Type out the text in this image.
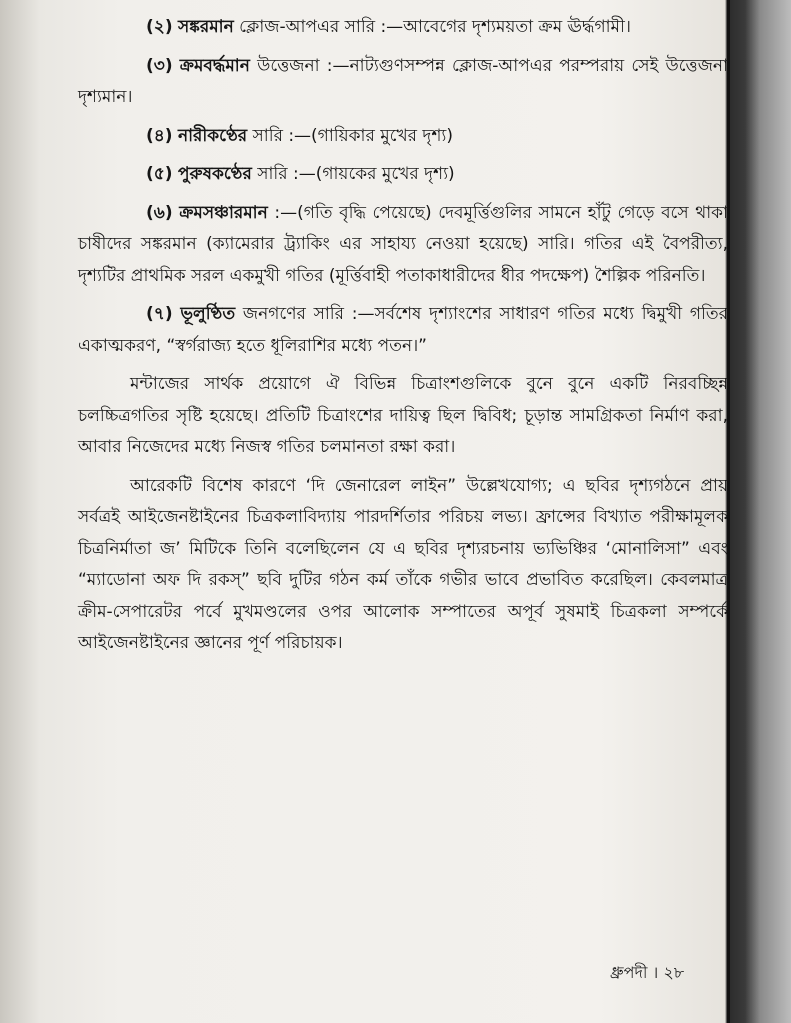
(২) সঙ্করমান ক্লোজ-আপএর সারি :—আবেগের দৃশ্যময়তা ক্রম ঊর্দ্ধগামী।

(৩) ক্রমবর্দ্ধমান উত্তেজনা :—নাট্যগুণসম্পন্ন ক্লোজ-আপএর পরম্পরায় সেই উত্তেজনা দৃশ্যমান।

(৪) নারীকণ্ঠের সারি :—(গায়িকার মুখের দৃশ্য)

(৫) পুরুষকণ্ঠের সারি :—(গায়কের মুখের দৃশ্য)

(৬) ক্রমসঞ্চারমান :—(গতি বৃদ্ধি পেয়েছে) দেবমূর্ত্তিগুলির সামনে হাঁটু গেড়ে বসে থাকা চাষীদের সঙ্করমান (ক্যামেরার ট্র্যাকিং এর সাহায্য নেওয়া হয়েছে) সারি। গতির এই বৈপরীত্য, দৃশ্যটির প্রাথমিক সরল একমুখী গতির (মূর্ত্তিবাহী পতাকাধারীদের ধীর পদক্ষেপ) শৈল্পিক পরিনতি।

(৭) ভূলুণ্ঠিত জনগণের সারি :—সর্বশেষ দৃশ্যাংশের সাধারণ গতির মধ্যে দ্বিমুখী গতির একাত্মকরণ, “স্বর্গরাজ্য হতে ধূলিরাশির মধ্যে পতন।”

মন্টাজের সার্থক প্রয়োগে ঐ বিভিন্ন চিত্রাংশগুলিকে বুনে বুনে একটি নিরবচ্ছিন্ন চলচ্চিত্রগতির সৃষ্টি হয়েছে। প্রতিটি চিত্রাংশের দায়িত্ব ছিল দ্বিবিধ; চূড়ান্ত সামগ্রিকতা নির্মাণ করা, আবার নিজেদের মধ্যে নিজস্ব গতির চলমানতা রক্ষা করা।

আরেকটি বিশেষ কারণে ‘দি জেনারেল লাইন” উল্লেখযোগ্য; এ ছবির দৃশ্যগঠনে প্রায় সর্বত্রই আইজেনষ্টাইনের চিত্রকলাবিদ্যায় পারদর্শিতার পরিচয় লভ্য। ফ্রান্সের বিখ্যাত পরীক্ষামূলক চিত্রনির্মাতা জ’ মিটিকে তিনি বলেছিলেন যে এ ছবির দৃশ্যরচনায় ভ্যভিঞ্চির ‘মোনালিসা” এবং “ম্যাডোনা অফ দি রকস্” ছবি দুটির গঠন কর্ম তাঁকে গভীর ভাবে প্রভাবিত করেছিল। কেবলমাত্র ক্রীম-সেপারেটর পর্বে মুখমণ্ডলের ওপর আলোক সম্পাতের অপূর্ব সুষমাই চিত্রকলা সম্পর্কে আইজেনষ্টাইনের জ্ঞানের পূর্ণ পরিচায়ক।

ধ্রুপদী । ২৮
